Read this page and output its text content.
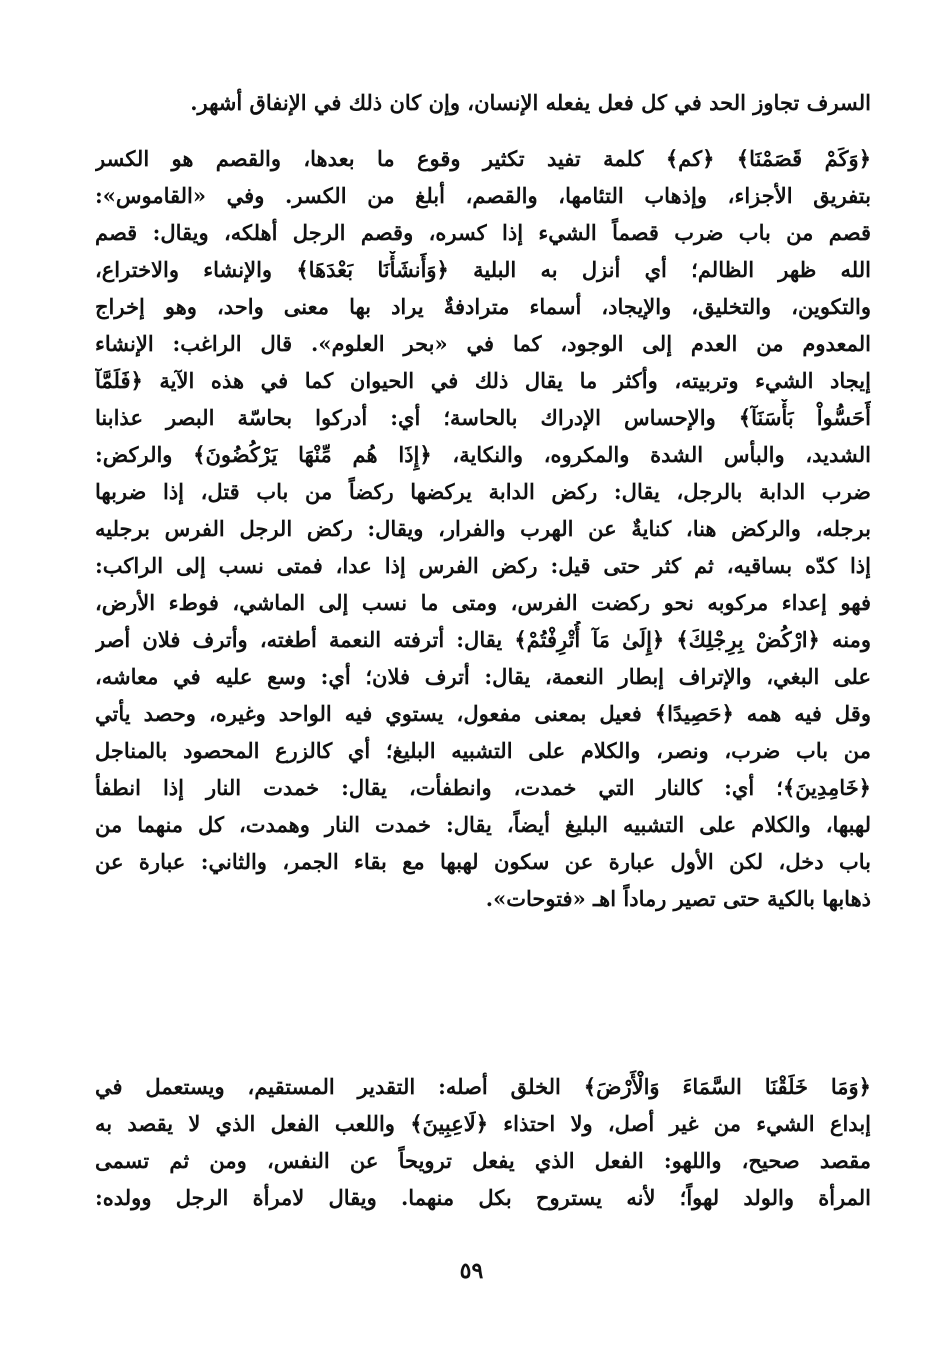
السرف تجاوز الحد في كل فعل يفعله الإنسان، وإن كان ذلك في الإنفاق أشهر.
﴿وَكَمْ قَصَمْنَا﴾ ﴿كم﴾ كلمة تفيد تكثير وقوع ما بعدها، والقصم هو الكسر
بتفريق الأجزاء، وإذهاب التئامها، والقصم، أبلغ من الكسر. وفي «القاموس»:
قصم من باب ضرب قصماً الشيء إذا كسره، وقصم الرجل أهلكه، ويقال: قصم
الله ظهر الظالم؛ أي أنزل به البلية ﴿وَأَنشَأْنَا بَعْدَهَا﴾ والإنشاء والاختراع،
والتكوين، والتخليق، والإيجاد، أسماء مترادفةٌ يراد بها معنى واحد، وهو إخراج
المعدوم من العدم إلى الوجود، كما في «بحر العلوم». قال الراغب: الإنشاء
إيجاد الشيء وتربيته، وأكثر ما يقال ذلك في الحيوان كما في هذه الآية ﴿فَلَمَّآ
أَحَسُّواْ بَأْسَنَآ﴾ والإحساس الإدراك بالحاسة؛ أي: أدركوا بحاسّة البصر عذابنا
الشديد، والبأس الشدة والمكروه، والنكاية، ﴿إِذَا هُم مِّنْهَا يَرْكُضُونَ﴾ والركض:
ضرب الدابة بالرجل، يقال: ركض الدابة يركضها ركضاً من باب قتل، إذا ضربها
برجله، والركض هنا، كنايةٌ عن الهرب والفرار، ويقال: ركض الرجل الفرس برجليه
إذا كدّه بساقيه، ثم كثر حتى قيل: ركض الفرس إذا عدا، فمتى نسب إلى الراكب:
فهو إعداء مركوبه نحو ركضت الفرس، ومتى ما نسب إلى الماشي، فوطء الأرض،
ومنه ﴿ارْكُضْ بِرِجْلِكَ﴾ ﴿إِلَىٰ مَآ أُتْرِفْتُمْ﴾ يقال: أترفته النعمة أطغته، وأترف فلان أصر
على البغي، والإتراف إبطار النعمة، يقال: أترف فلان؛ أي: وسع عليه في معاشه،
وقل فيه همه ﴿حَصِيدًا﴾ فعيل بمعنى مفعول، يستوي فيه الواحد وغيره، وحصد يأتي
من باب ضرب، ونصر، والكلام على التشبيه البليغ؛ أي كالزرع المحصود بالمناجل
﴿خَامِدِينَ﴾؛ أي: كالنار التي خمدت، وانطفأت، يقال: خمدت النار إذا انطفأ
لهبها، والكلام على التشبيه البليغ أيضاً، يقال: خمدت النار وهمدت، كل منهما من
باب دخل، لكن الأول عبارة عن سكون لهبها مع بقاء الجمر، والثاني: عبارة عن
ذهابها بالكية حتى تصير رماداً اهـ «فتوحات».
﴿وَمَا خَلَقْنَا السَّمَاءَ وَالْأَرْضَ﴾ الخلق أصله: التقدير المستقيم، ويستعمل في
إبداع الشيء من غير أصل، ولا احتذاء ﴿لَاعِبِينَ﴾ واللعب الفعل الذي لا يقصد به
مقصد صحيح، واللهو: الفعل الذي يفعل ترويحاً عن النفس، ومن ثم تسمى
المرأة والولد لهواً؛ لأنه يستروح بكل منهما. ويقال لامرأة الرجل وولده:
٥٩
